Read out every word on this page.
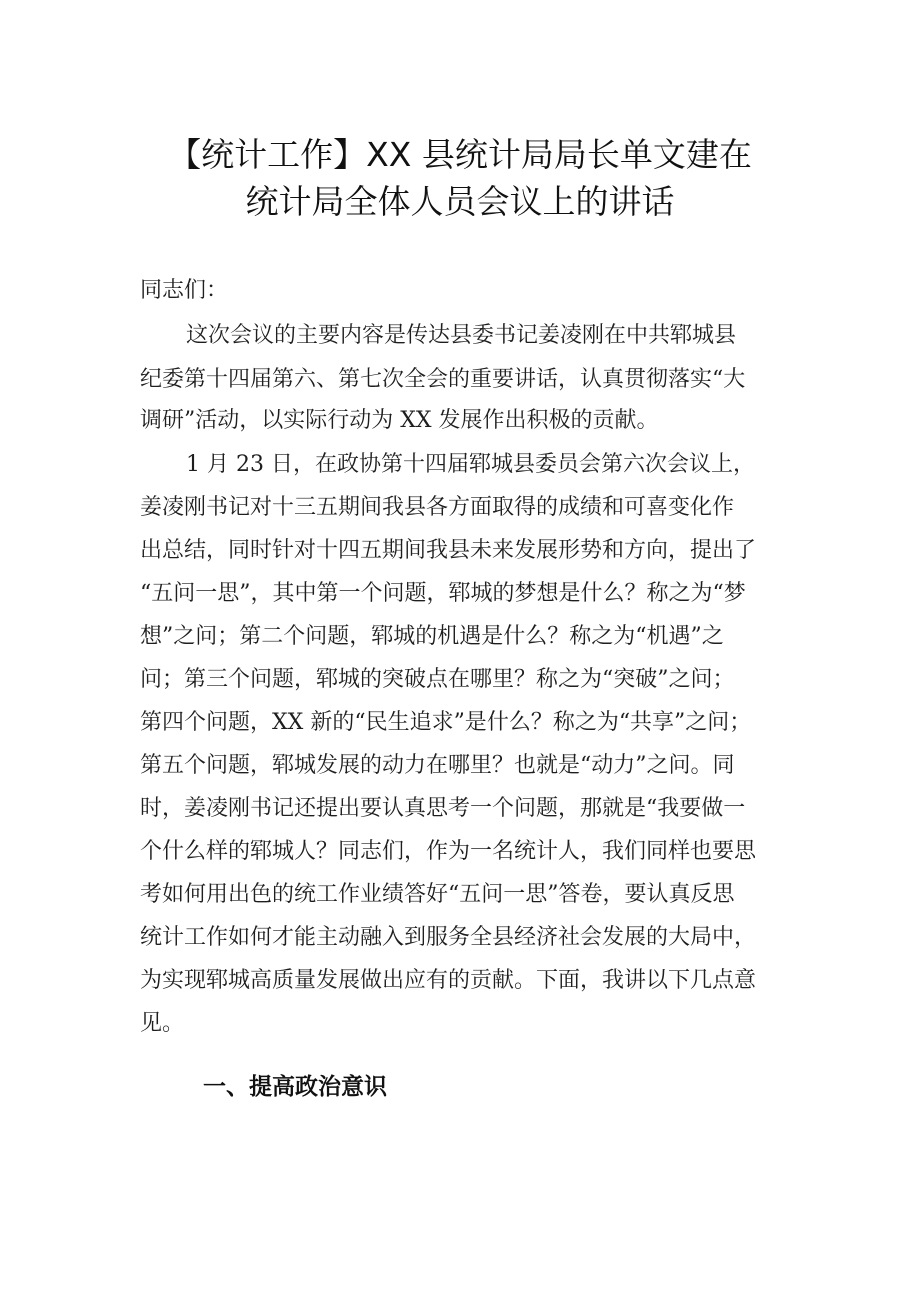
【统计工作】XX 县统计局局长单文建在
统计局全体人员会议上的讲话
同志们：
这次会议的主要内容是传达县委书记姜凌刚在中共郓城县
纪委第十四届第六、第七次全会的重要讲话，认真贯彻落实“大
调研”活动，以实际行动为 XX 发展作出积极的贡献。
1 月 23 日，在政协第十四届郓城县委员会第六次会议上，
姜凌刚书记对十三五期间我县各方面取得的成绩和可喜变化作
出总结，同时针对十四五期间我县未来发展形势和方向，提出了
“五问一思”，其中第一个问题，郓城的梦想是什么？称之为“梦
想”之问；第二个问题，郓城的机遇是什么？称之为“机遇”之
问；第三个问题，郓城的突破点在哪里？称之为“突破”之问；
第四个问题，XX 新的“民生追求”是什么？称之为“共享”之问；
第五个问题，郓城发展的动力在哪里？也就是“动力”之问。同
时，姜凌刚书记还提出要认真思考一个问题，那就是“我要做一
个什么样的郓城人？同志们，作为一名统计人，我们同样也要思
考如何用出色的统工作业绩答好“五问一思”答卷，要认真反思
统计工作如何才能主动融入到服务全县经济社会发展的大局中，
为实现郓城高质量发展做出应有的贡献。下面，我讲以下几点意
见。
一、提高政治意识
